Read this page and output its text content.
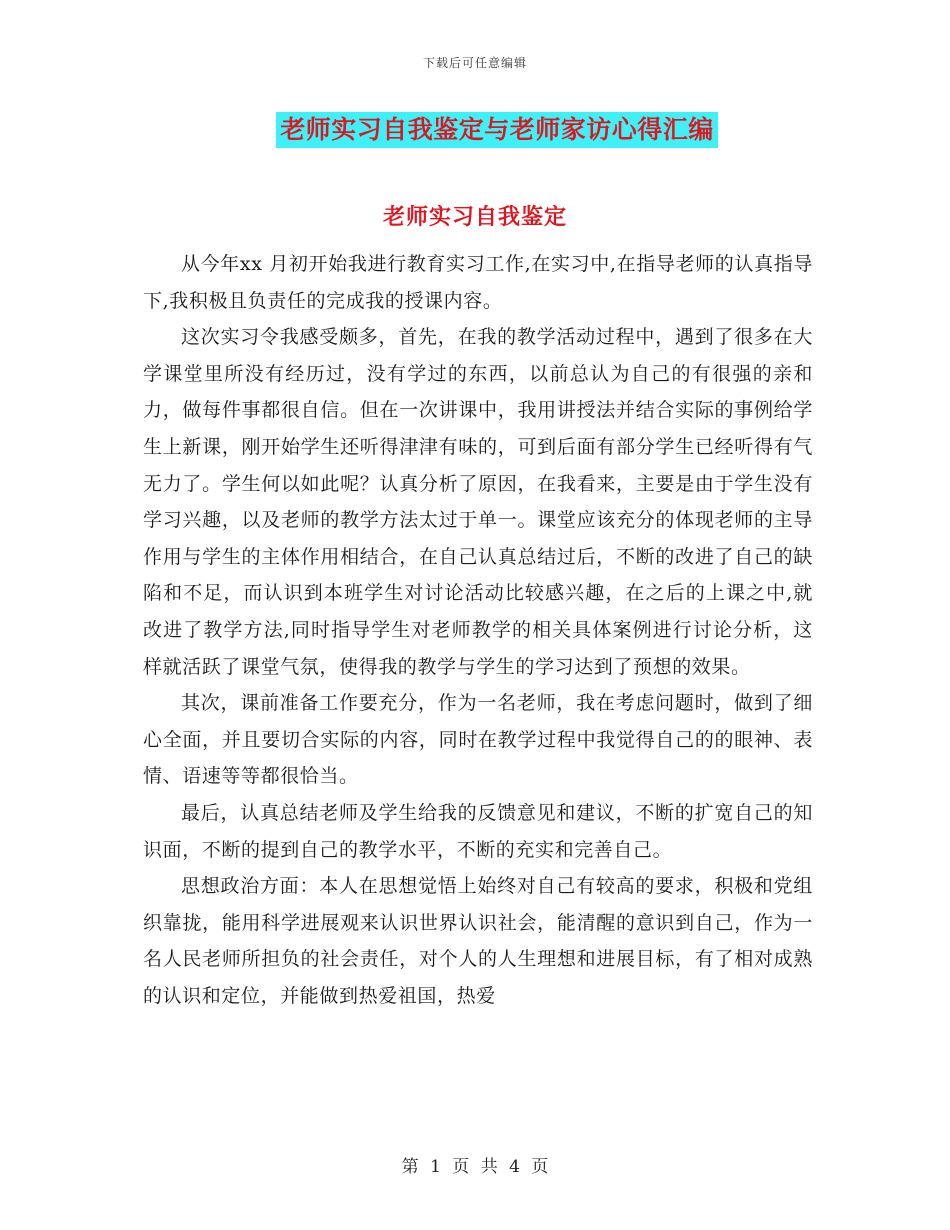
下载后可任意编辑
老师实习自我鉴定与老师家访心得汇编
老师实习自我鉴定

从今年xx 月初开始我进行教育实习工作,在实习中,在指导老师的认真指导下,我积极且负责任的完成我的授课内容。

这次实习令我感受颇多，首先，在我的教学活动过程中，遇到了很多在大学课堂里所没有经历过，没有学过的东西，以前总认为自己的有很强的亲和力，做每件事都很自信。但在一次讲课中，我用讲授法并结合实际的事例给学生上新课，刚开始学生还听得津津有味的，可到后面有部分学生已经听得有气无力了。学生何以如此呢？认真分析了原因，在我看来，主要是由于学生没有学习兴趣，以及老师的教学方法太过于单一。课堂应该充分的体现老师的主导作用与学生的主体作用相结合，在自己认真总结过后，不断的改进了自己的缺陷和不足，而认识到本班学生对讨论活动比较感兴趣，在之后的上课之中,就改进了教学方法,同时指导学生对老师教学的相关具体案例进行讨论分析，这样就活跃了课堂气氛，使得我的教学与学生的学习达到了预想的效果。

其次，课前准备工作要充分，作为一名老师，我在考虑问题时，做到了细心全面，并且要切合实际的内容，同时在教学过程中我觉得自己的的眼神、表情、语速等等都很恰当。

最后，认真总结老师及学生给我的反馈意见和建议，不断的扩宽自己的知识面，不断的提到自己的教学水平，不断的充实和完善自己。

思想政治方面：本人在思想觉悟上始终对自己有较高的要求，积极和党组织靠拢，能用科学进展观来认识世界认识社会，能清醒的意识到自己，作为一名人民老师所担负的社会责任，对个人的人生理想和进展目标，有了相对成熟的认识和定位，并能做到热爱祖国，热爱

第 1 页 共 4 页
